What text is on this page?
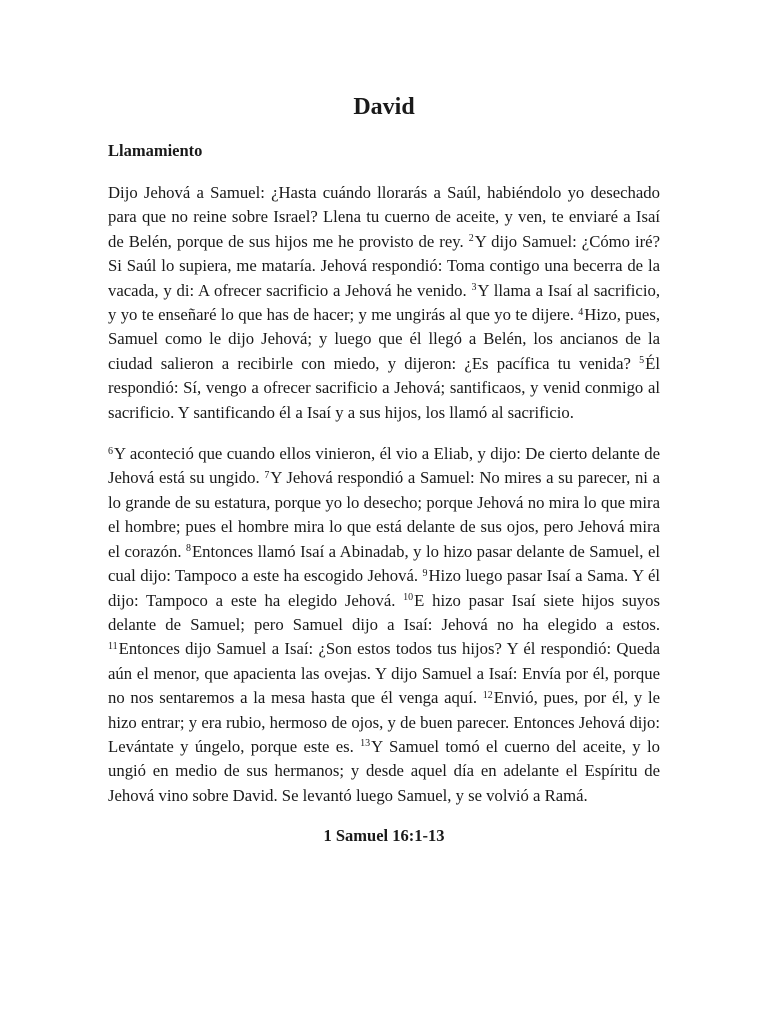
David
Llamamiento

Dijo Jehová a Samuel: ¿Hasta cuándo llorarás a Saúl, habiéndolo yo desechado para que no reine sobre Israel? Llena tu cuerno de aceite, y ven, te enviaré a Isaí de Belén, porque de sus hijos me he provisto de rey. $^2$Y dijo Samuel: ¿Cómo iré? Si Saúl lo supiera, me mataría. Jehová respondió: Toma contigo una becerra de la vacada, y di: A ofrecer sacrificio a Jehová he venido. $^3$Y llama a Isaí al sacrificio, y yo te enseñaré lo que has de hacer; y me ungirás al que yo te dijere. $^4$Hizo, pues, Samuel como le dijo Jehová; y luego que él llegó a Belén, los ancianos de la ciudad salieron a recibirle con miedo, y dijeron: ¿Es pacífica tu venida? $^5$Él respondió: Sí, vengo a ofrecer sacrificio a Jehová; santificaos, y venid conmigo al sacrificio. Y santificando él a Isaí y a sus hijos, los llamó al sacrificio.

$^6$Y aconteció que cuando ellos vinieron, él vio a Eliab, y dijo: De cierto delante de Jehová está su ungido. $^7$Y Jehová respondió a Samuel: No mires a su parecer, ni a lo grande de su estatura, porque yo lo desecho; porque Jehová no mira lo que mira el hombre; pues el hombre mira lo que está delante de sus ojos, pero Jehová mira el corazón. $^8$Entonces llamó Isaí a Abinadab, y lo hizo pasar delante de Samuel, el cual dijo: Tampoco a este ha escogido Jehová. $^9$Hizo luego pasar Isaí a Sama. Y él dijo: Tampoco a este ha elegido Jehová. $^{10}$E hizo pasar Isaí siete hijos suyos delante de Samuel; pero Samuel dijo a Isaí: Jehová no ha elegido a estos. $^{11}$Entonces dijo Samuel a Isaí: ¿Son estos todos tus hijos? Y él respondió: Queda aún el menor, que apacienta las ovejas. Y dijo Samuel a Isaí: Envía por él, porque no nos sentaremos a la mesa hasta que él venga aquí. $^{12}$Envió, pues, por él, y le hizo entrar; y era rubio, hermoso de ojos, y de buen parecer. Entonces Jehová dijo: Levántate y úngelo, porque este es. $^{13}$Y Samuel tomó el cuerno del aceite, y lo ungió en medio de sus hermanos; y desde aquel día en adelante el Espíritu de Jehová vino sobre David. Se levantó luego Samuel, y se volvió a Ramá.

1 Samuel 16:1-13
